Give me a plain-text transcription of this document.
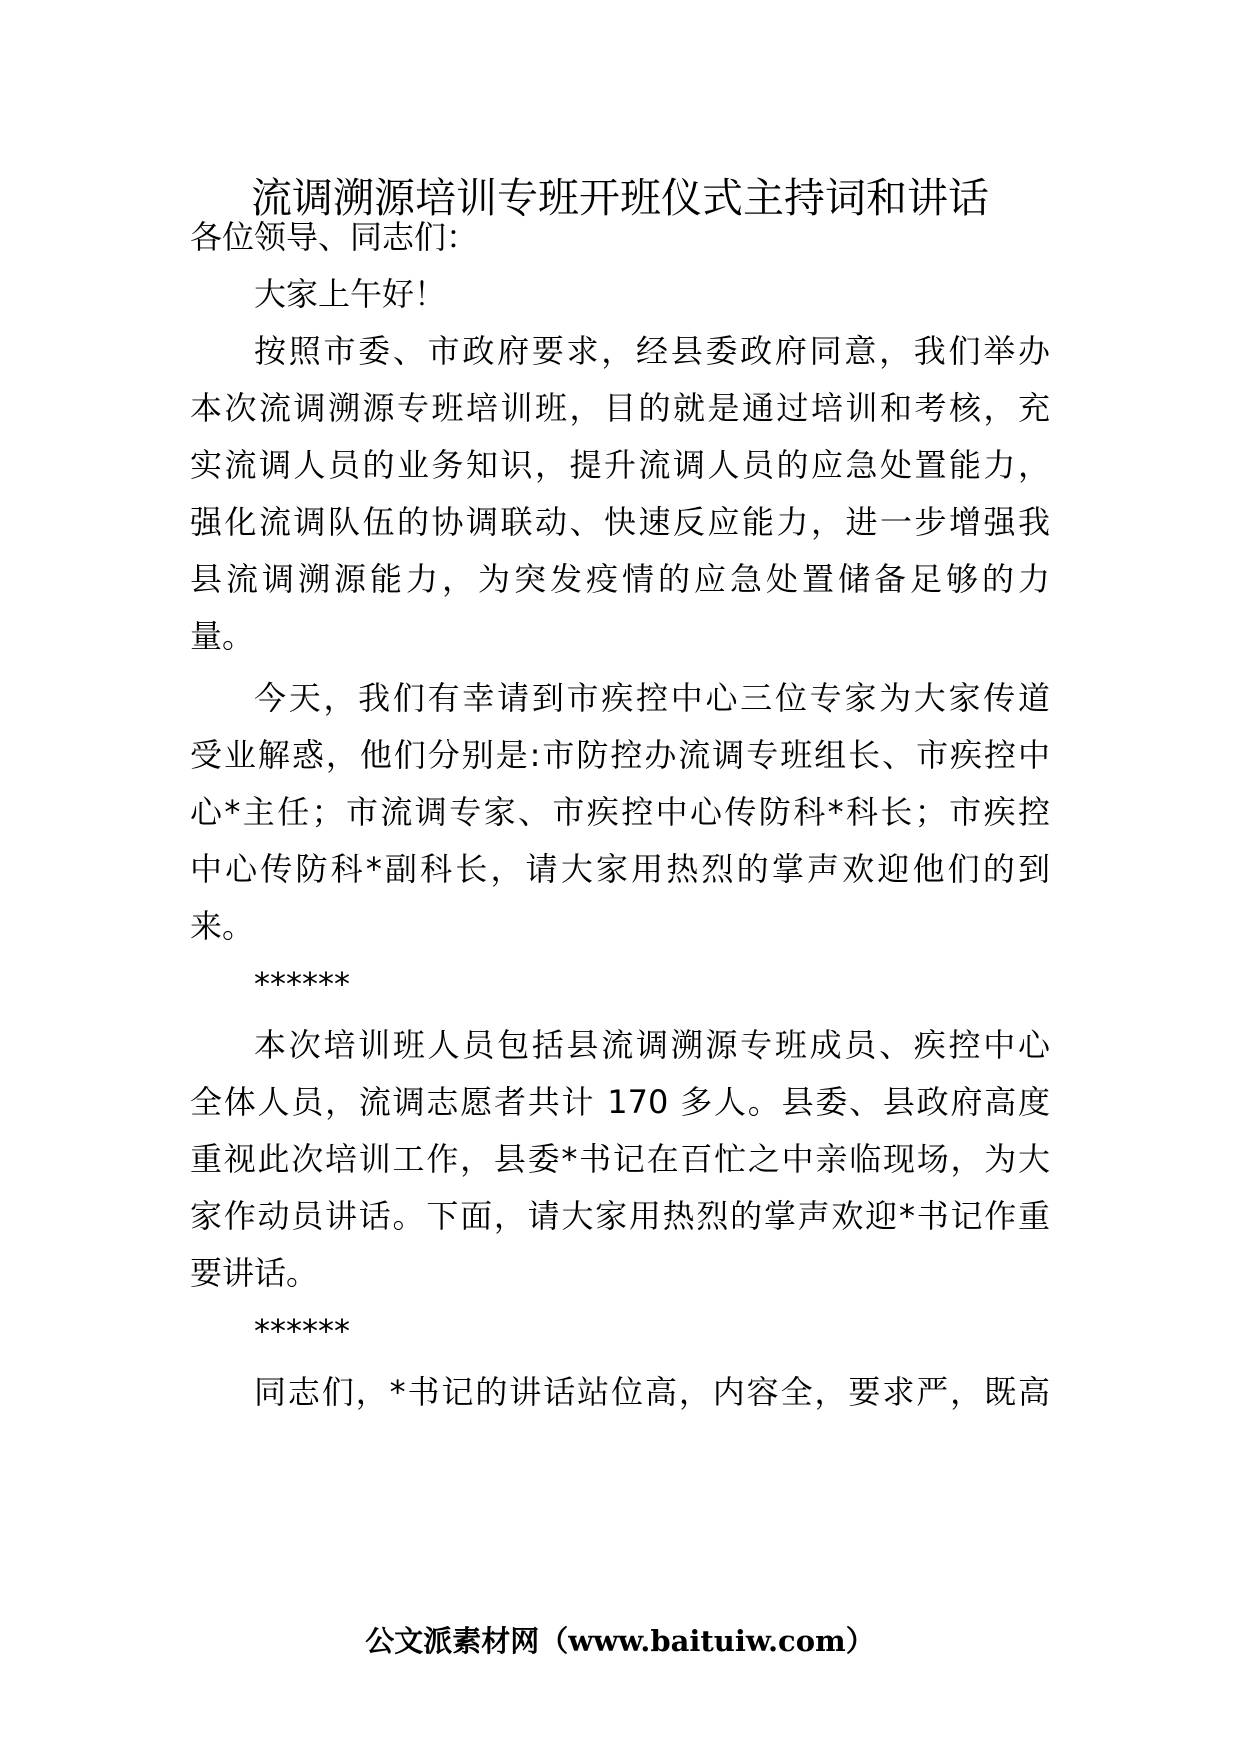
流调溯源培训专班开班仪式主持词和讲话
各位领导、同志们：
大家上午好！
按照市委、市政府要求，经县委政府同意，我们举办
本次流调溯源专班培训班，目的就是通过培训和考核，充
实流调人员的业务知识，提升流调人员的应急处置能力，
强化流调队伍的协调联动、快速反应能力，进一步增强我
县流调溯源能力，为突发疫情的应急处置储备足够的力
量。
今天，我们有幸请到市疾控中心三位专家为大家传道
受业解惑，他们分别是:市防控办流调专班组长、市疾控中
心*主任；市流调专家、市疾控中心传防科*科长；市疾控
中心传防科*副科长，请大家用热烈的掌声欢迎他们的到
来。
******
本次培训班人员包括县流调溯源专班成员、疾控中心
全体人员，流调志愿者共计 170 多人。县委、县政府高度
重视此次培训工作，县委*书记在百忙之中亲临现场，为大
家作动员讲话。下面，请大家用热烈的掌声欢迎*书记作重
要讲话。
******
同志们，*书记的讲话站位高，内容全，要求严，既高
公文派素材网（www.baituiw.com）
